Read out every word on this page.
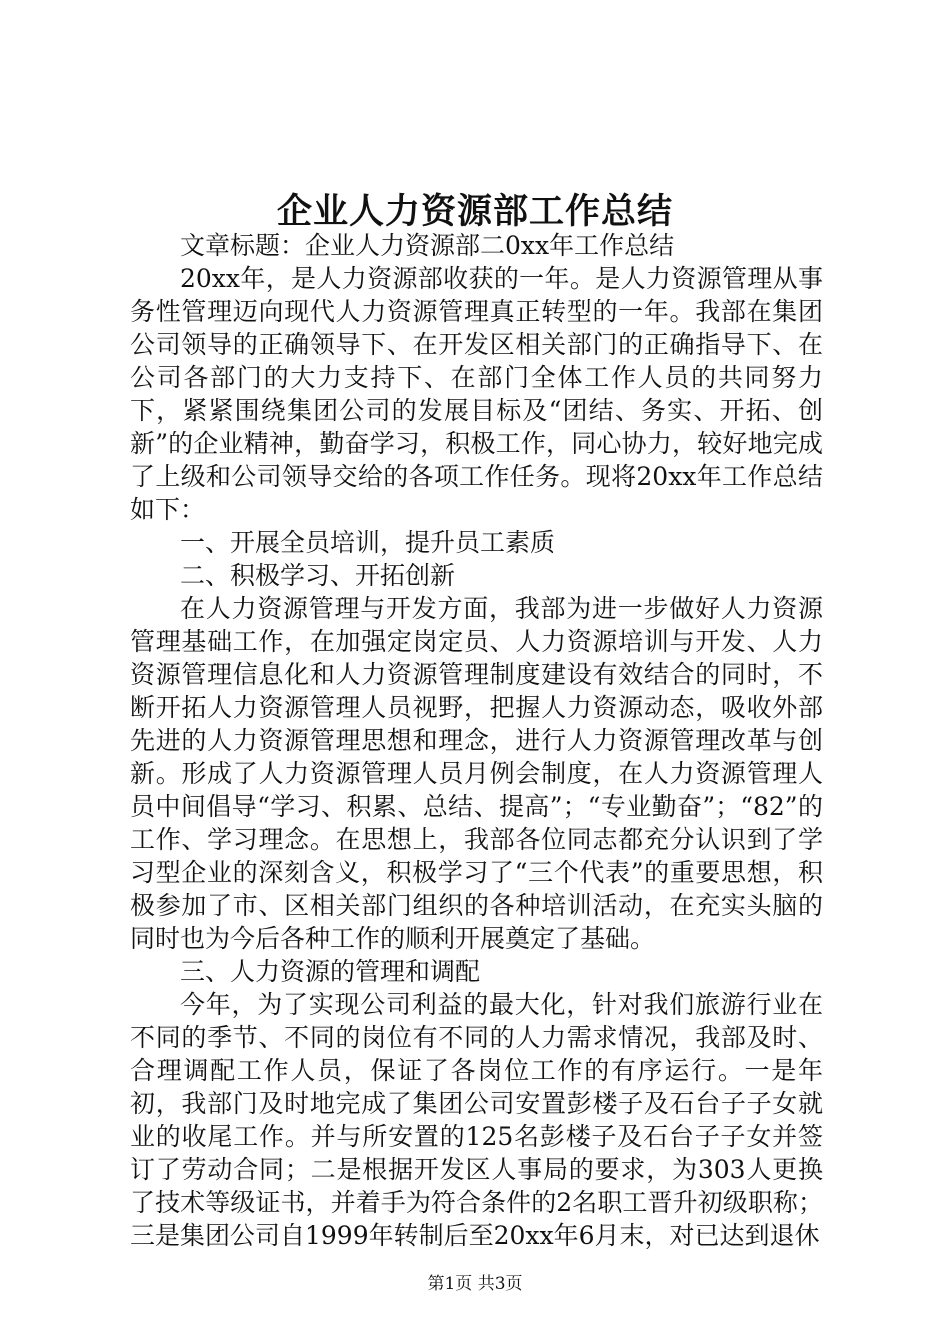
企业人力资源部工作总结

文章标题：企业人力资源部二0xx年工作总结

20xx年，是人力资源部收获的一年。是人力资源管理从事务性管理迈向现代人力资源管理真正转型的一年。我部在集团公司领导的正确领导下、在开发区相关部门的正确指导下、在公司各部门的大力支持下、在部门全体工作人员的共同努力下，紧紧围绕集团公司的发展目标及“团结、务实、开拓、创新”的企业精神，勤奋学习，积极工作，同心协力，较好地完成了上级和公司领导交给的各项工作任务。现将20xx年工作总结如下：

一、开展全员培训，提升员工素质

二、积极学习、开拓创新

在人力资源管理与开发方面，我部为进一步做好人力资源管理基础工作，在加强定岗定员、人力资源培训与开发、人力资源管理信息化和人力资源管理制度建设有效结合的同时，不断开拓人力资源管理人员视野，把握人力资源动态，吸收外部先进的人力资源管理思想和理念，进行人力资源管理改革与创新。形成了人力资源管理人员月例会制度，在人力资源管理人员中间倡导“学习、积累、总结、提高”；“专业勤奋”；“82”的工作、学习理念。在思想上，我部各位同志都充分认识到了学习型企业的深刻含义，积极学习了“三个代表”的重要思想，积极参加了市、区相关部门组织的各种培训活动，在充实头脑的同时也为今后各种工作的顺利开展奠定了基础。

三、人力资源的管理和调配

今年，为了实现公司利益的最大化，针对我们旅游行业在不同的季节、不同的岗位有不同的人力需求情况，我部及时、合理调配工作人员，保证了各岗位工作的有序运行。一是年初，我部门及时地完成了集团公司安置彭楼子及石台子子女就业的收尾工作。并与所安置的125名彭楼子及石台子子女并签订了劳动合同；二是根据开发区人事局的要求，为303人更换了技术等级证书，并着手为符合条件的2名职工晋升初级职称；三是集团公司自1999年转制后至20xx年6月末，对已达到退休

第1页 共3页
